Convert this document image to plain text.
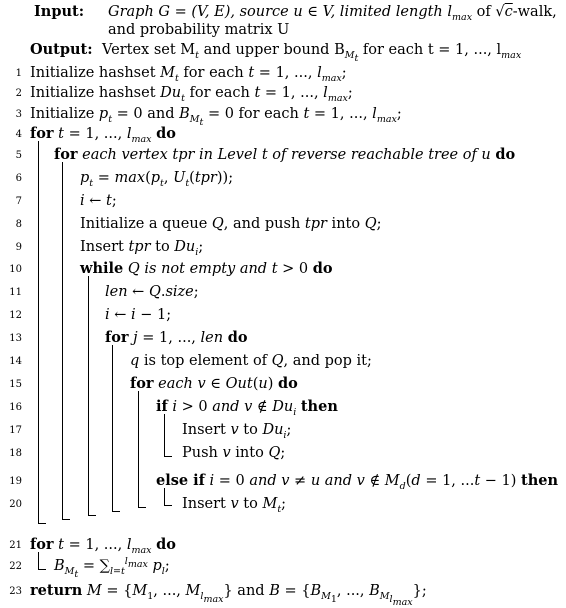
Input: Graph G = (V, E), source u ∈ V, limited length $l_{max}$ of √c-walk,
and probability matrix U
Output: Vertex set $M_t$ and upper bound $B_{M_t}$ for each t = 1, ..., $l_{max}$
1 Initialize hashset $M_t$ for each t = 1, ..., $l_{max}$;
2 Initialize hashset $Du_t$ for each t = 1, ..., $l_{max}$;
3 Initialize $p_t = 0$ and $B_{M_t} = 0$ for each t = 1, ..., $l_{max}$;
4 for t = 1, ..., $l_{max}$ do
5 for each vertex tpr in Level t of reverse reachable tree of u do
6	$p_t = \max(p_t$, $U_t(tpr)$);
7	i ← t;
8	Initialize a queue Q, and push tpr into Q;
9	Insert tpr to $Du_i$;
10	while Q is not empty and t > 0 do
11	len ← Q.size;
12	i ← i − 1;
13	for j = 1, ..., len do
14	q is top element of Q, and pop it;
15	for each v ∈ Out(u) do
16	if i > 0 and v ∉ $Du_i$ then
17	Insert v to $Du_i$;
18	Push v into Q;
19	else if i = 0 and v ≠ u and v ∉ $M_d(d = 1$, ...t − 1) then
20	Insert v to $M_t$;
21 for t = 1, ..., $l_{max}$ do
22 $B_{M_t} = \sum_{l=t}^{l_{max}}$ $p_l$;
23 return $M = \{M_1$, ..., $M_{l_{max}}$} and $B = \{B_{M_1}$, ..., $B_{M_{l_{max}}}$};
